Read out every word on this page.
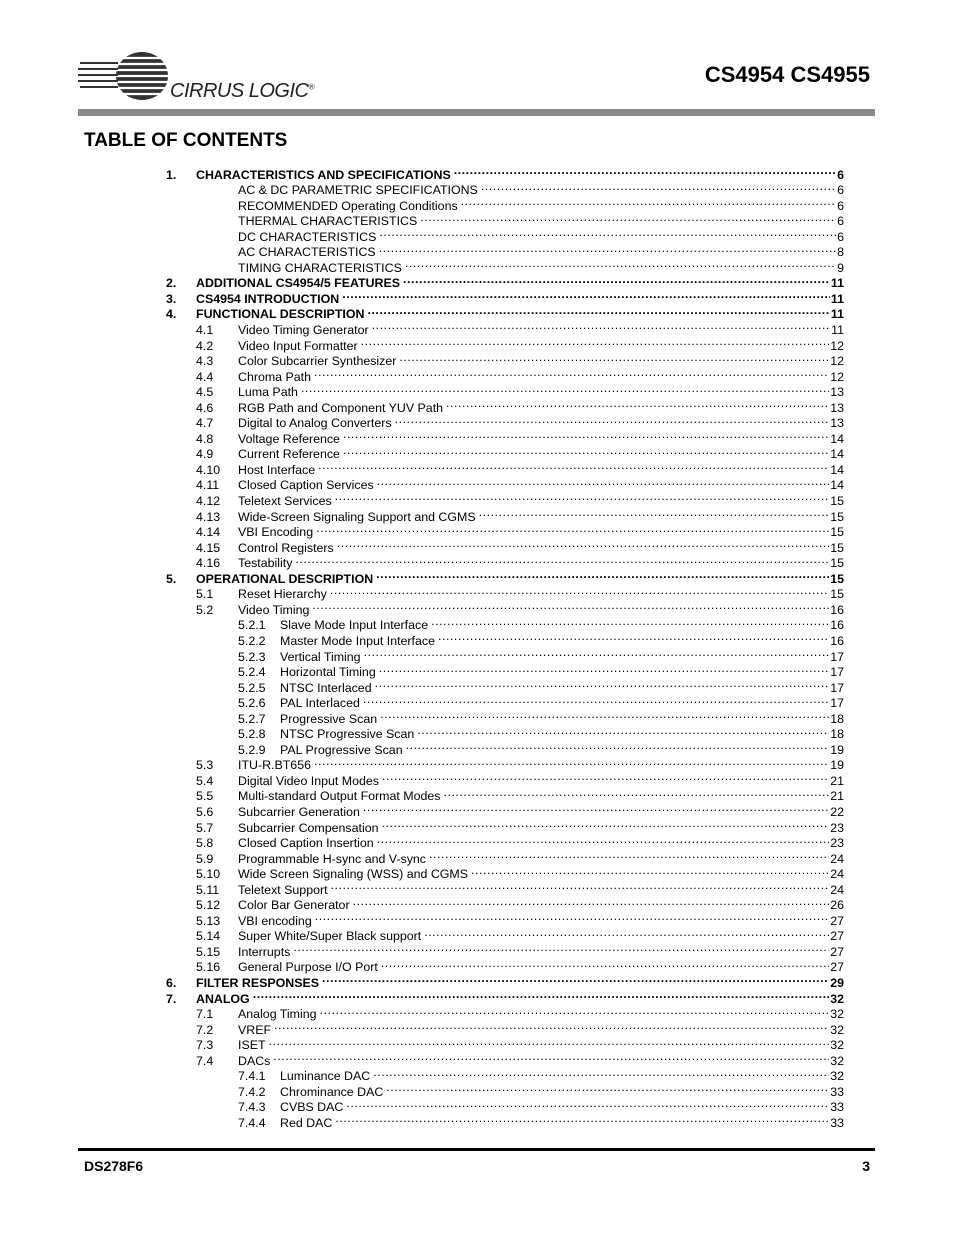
CIRRUS LOGIC®	CS4954 CS4955
TABLE OF CONTENTS
1.	CHARACTERISTICS AND SPECIFICATIONS . . .	6
AC & DC PARAMETRIC SPECIFICATIONS . . .	6
RECOMMENDED Operating Conditions . . .	6
THERMAL CHARACTERISTICS . . .	6
DC CHARACTERISTICS . . .	6
AC CHARACTERISTICS . . .	8
TIMING CHARACTERISTICS . . .	9
2.	ADDITIONAL CS4954/5 FEATURES . . .	11
3.	CS4954 INTRODUCTION . . .	11
4.	FUNCTIONAL DESCRIPTION . . .	11
4.1	Video Timing Generator . . .	11
4.2	Video Input Formatter . . .	12
4.3	Color Subcarrier Synthesizer . . .	12
4.4	Chroma Path . . .	12
4.5	Luma Path . . .	13
4.6	RGB Path and Component YUV Path . . .	13
4.7	Digital to Analog Converters . . .	13
4.8	Voltage Reference . . .	14
4.9	Current Reference . . .	14
4.10	Host Interface . . .	14
4.11	Closed Caption Services . . .	14
4.12	Teletext Services . . .	15
4.13	Wide-Screen Signaling Support and CGMS . . .	15
4.14	VBI Encoding . . .	15
4.15	Control Registers . . .	15
4.16	Testability . . .	15
5.	OPERATIONAL DESCRIPTION . . .	15
5.1	Reset Hierarchy . . .	15
5.2	Video Timing . . .	16
5.2.1	Slave Mode Input Interface . . .	16
5.2.2	Master Mode Input Interface . . .	16
5.2.3	Vertical Timing . . .	17
5.2.4	Horizontal Timing . . .	17
5.2.5	NTSC Interlaced . . .	17
5.2.6	PAL Interlaced . . .	17
5.2.7	Progressive Scan . . .	18
5.2.8	NTSC Progressive Scan . . .	18
5.2.9	PAL Progressive Scan . . .	19
5.3	ITU-R.BT656 . . .	19
5.4	Digital Video Input Modes . . .	21
5.5	Multi-standard Output Format Modes . . .	21
5.6	Subcarrier Generation . . .	22
5.7	Subcarrier Compensation . . .	23
5.8	Closed Caption Insertion . . .	23
5.9	Programmable H-sync and V-sync . . .	24
5.10	Wide Screen Signaling (WSS) and CGMS . . .	24
5.11	Teletext Support . . .	24
5.12	Color Bar Generator . . .	26
5.13	VBI encoding . . .	27
5.14	Super White/Super Black support . . .	27
5.15	Interrupts . . .	27
5.16	General Purpose I/O Port . . .	27
6.	FILTER RESPONSES . . .	29
7.	ANALOG . . .	32
7.1	Analog Timing . . .	32
7.2	VREF . . .	32
7.3	ISET . . .	32
7.4	DACs . . .	32
7.4.1	Luminance DAC . . .	32
7.4.2	Chrominance DAC . . .	33
7.4.3	CVBS DAC . . .	33
7.4.4	Red DAC . . .	33
DS278F6	3
